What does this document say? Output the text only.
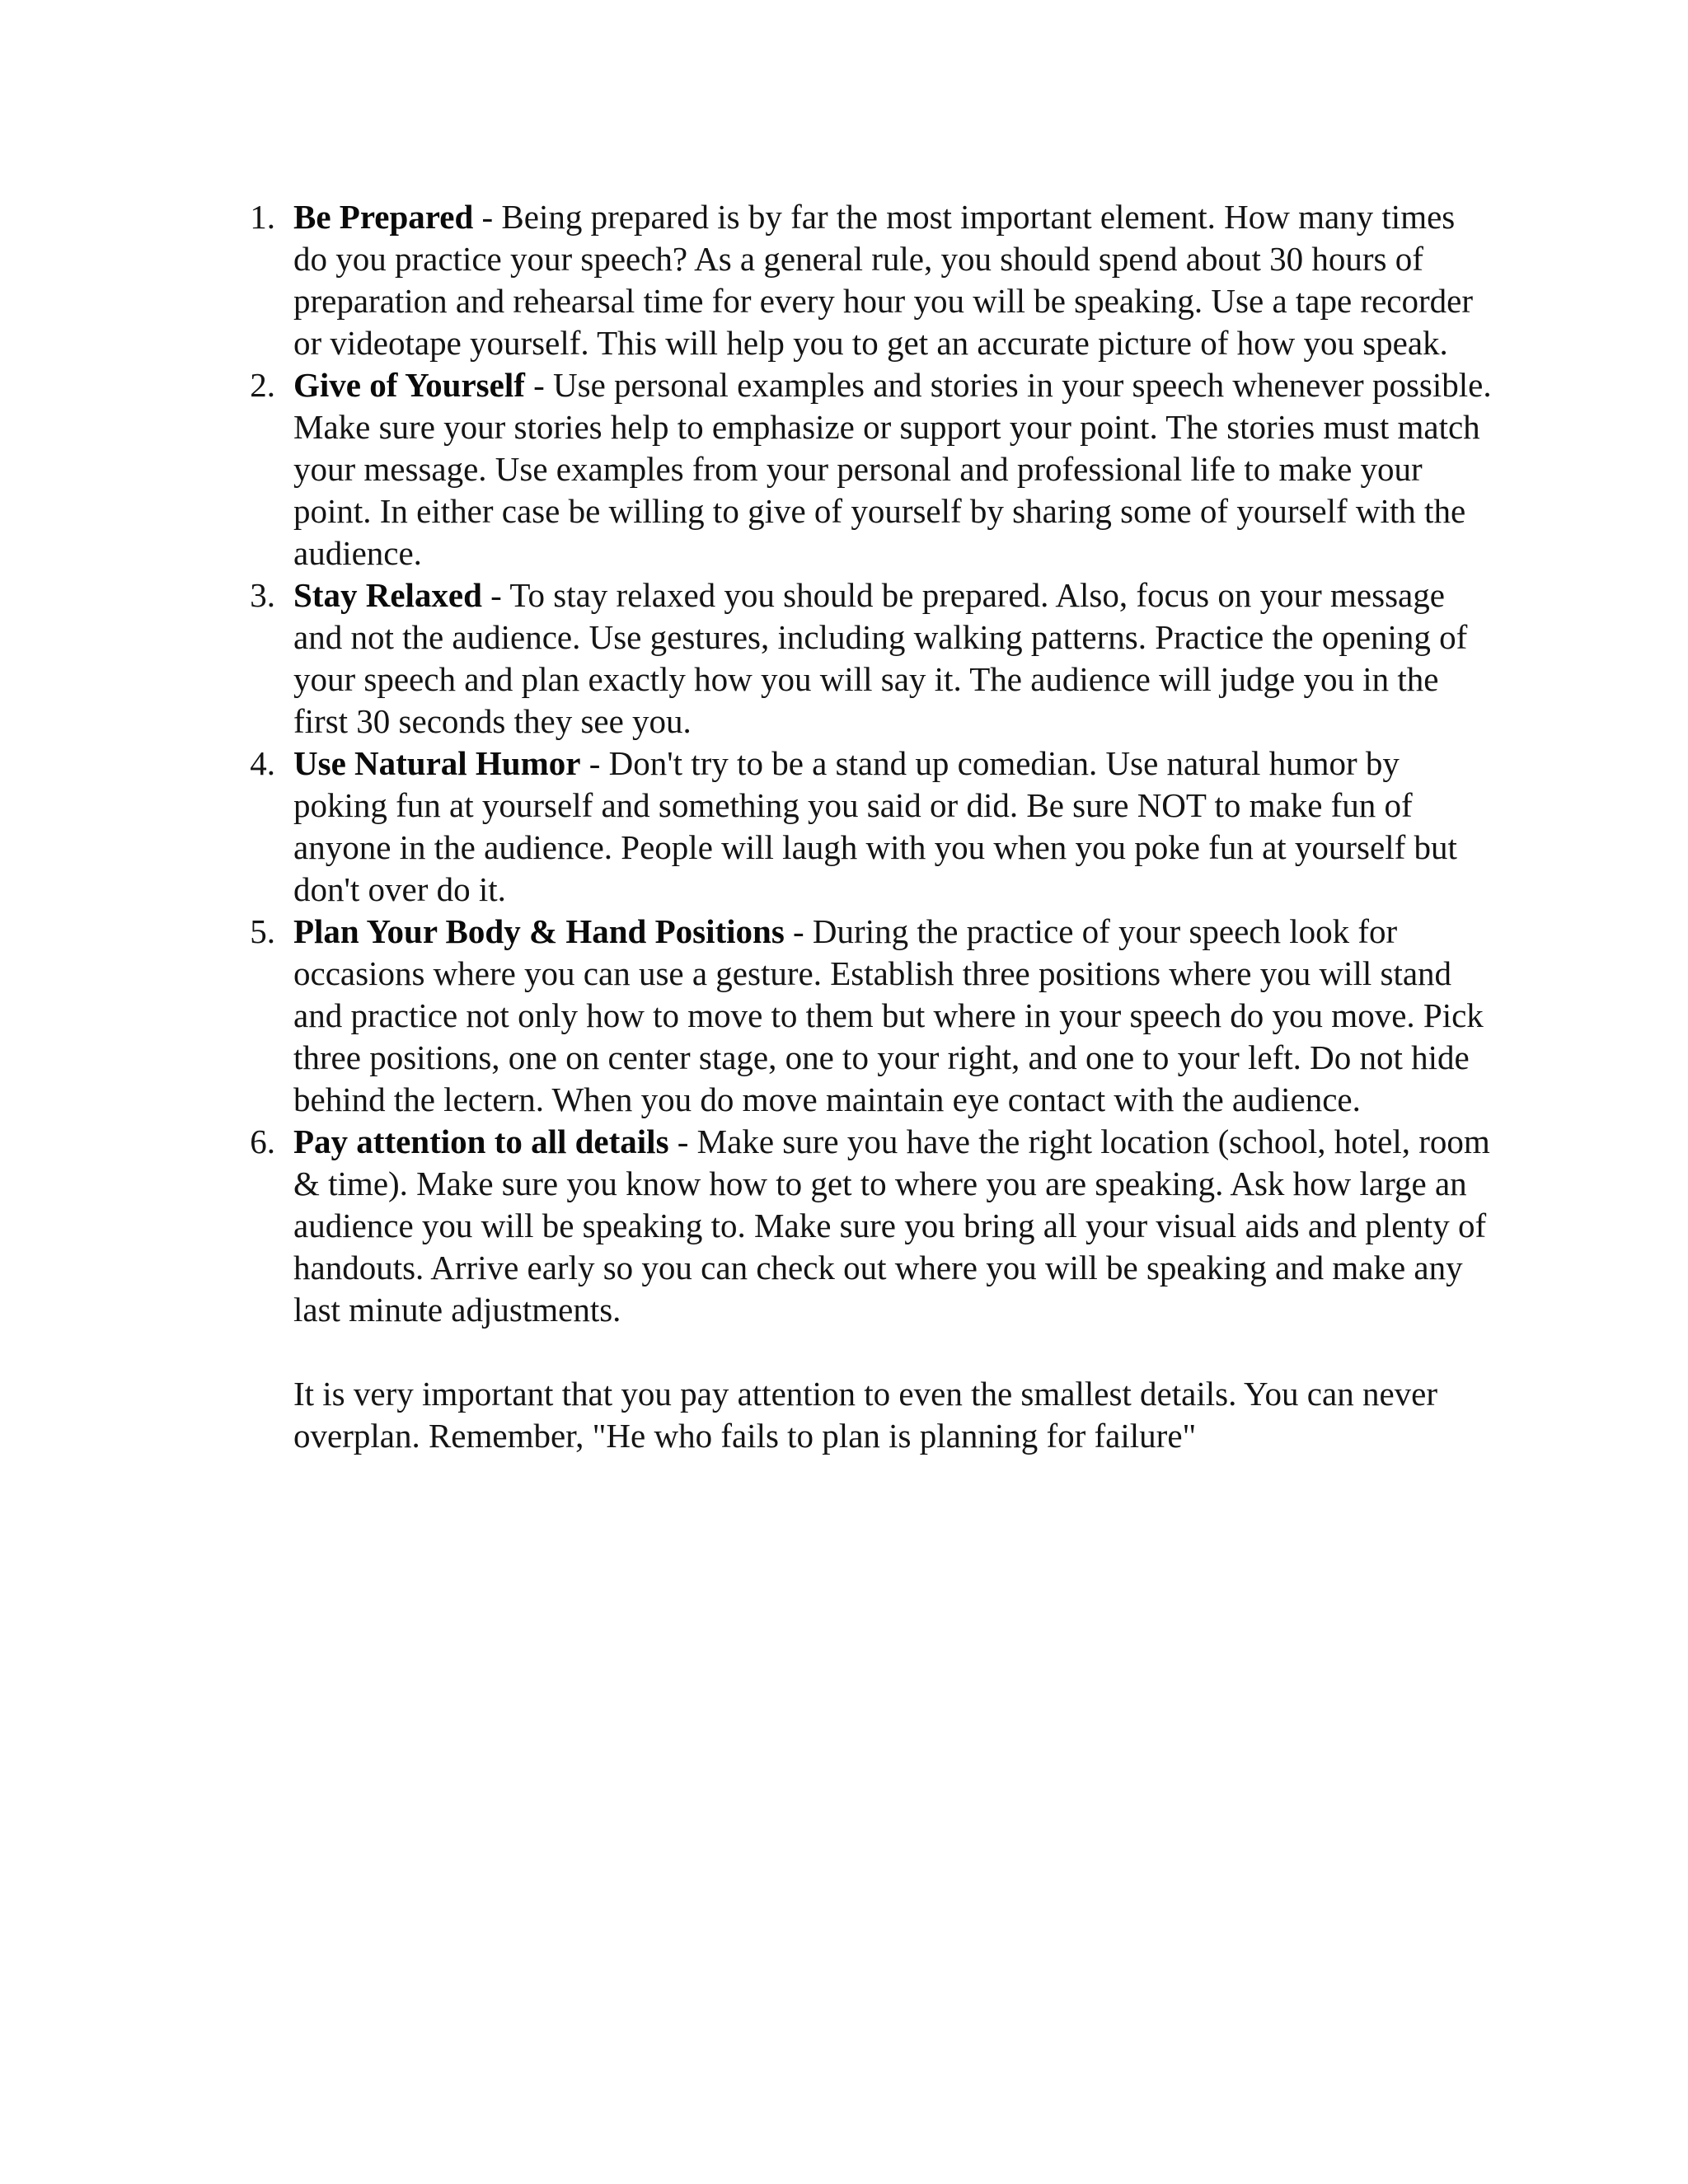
1. Be Prepared - Being prepared is by far the most important element. How many times do you practice your speech? As a general rule, you should spend about 30 hours of preparation and rehearsal time for every hour you will be speaking. Use a tape recorder or videotape yourself. This will help you to get an accurate picture of how you speak.
2. Give of Yourself - Use personal examples and stories in your speech whenever possible. Make sure your stories help to emphasize or support your point. The stories must match your message. Use examples from your personal and professional life to make your point. In either case be willing to give of yourself by sharing some of yourself with the audience.
3. Stay Relaxed - To stay relaxed you should be prepared. Also, focus on your message and not the audience. Use gestures, including walking patterns. Practice the opening of your speech and plan exactly how you will say it. The audience will judge you in the first 30 seconds they see you.
4. Use Natural Humor - Don't try to be a stand up comedian. Use natural humor by poking fun at yourself and something you said or did. Be sure NOT to make fun of anyone in the audience. People will laugh with you when you poke fun at yourself but don't over do it.
5. Plan Your Body & Hand Positions - During the practice of your speech look for occasions where you can use a gesture. Establish three positions where you will stand and practice not only how to move to them but where in your speech do you move. Pick three positions, one on center stage, one to your right, and one to your left. Do not hide behind the lectern. When you do move maintain eye contact with the audience.
6. Pay attention to all details - Make sure you have the right location (school, hotel, room & time). Make sure you know how to get to where you are speaking. Ask how large an audience you will be speaking to. Make sure you bring all your visual aids and plenty of handouts. Arrive early so you can check out where you will be speaking and make any last minute adjustments.

It is very important that you pay attention to even the smallest details. You can never overplan. Remember, "He who fails to plan is planning for failure"
